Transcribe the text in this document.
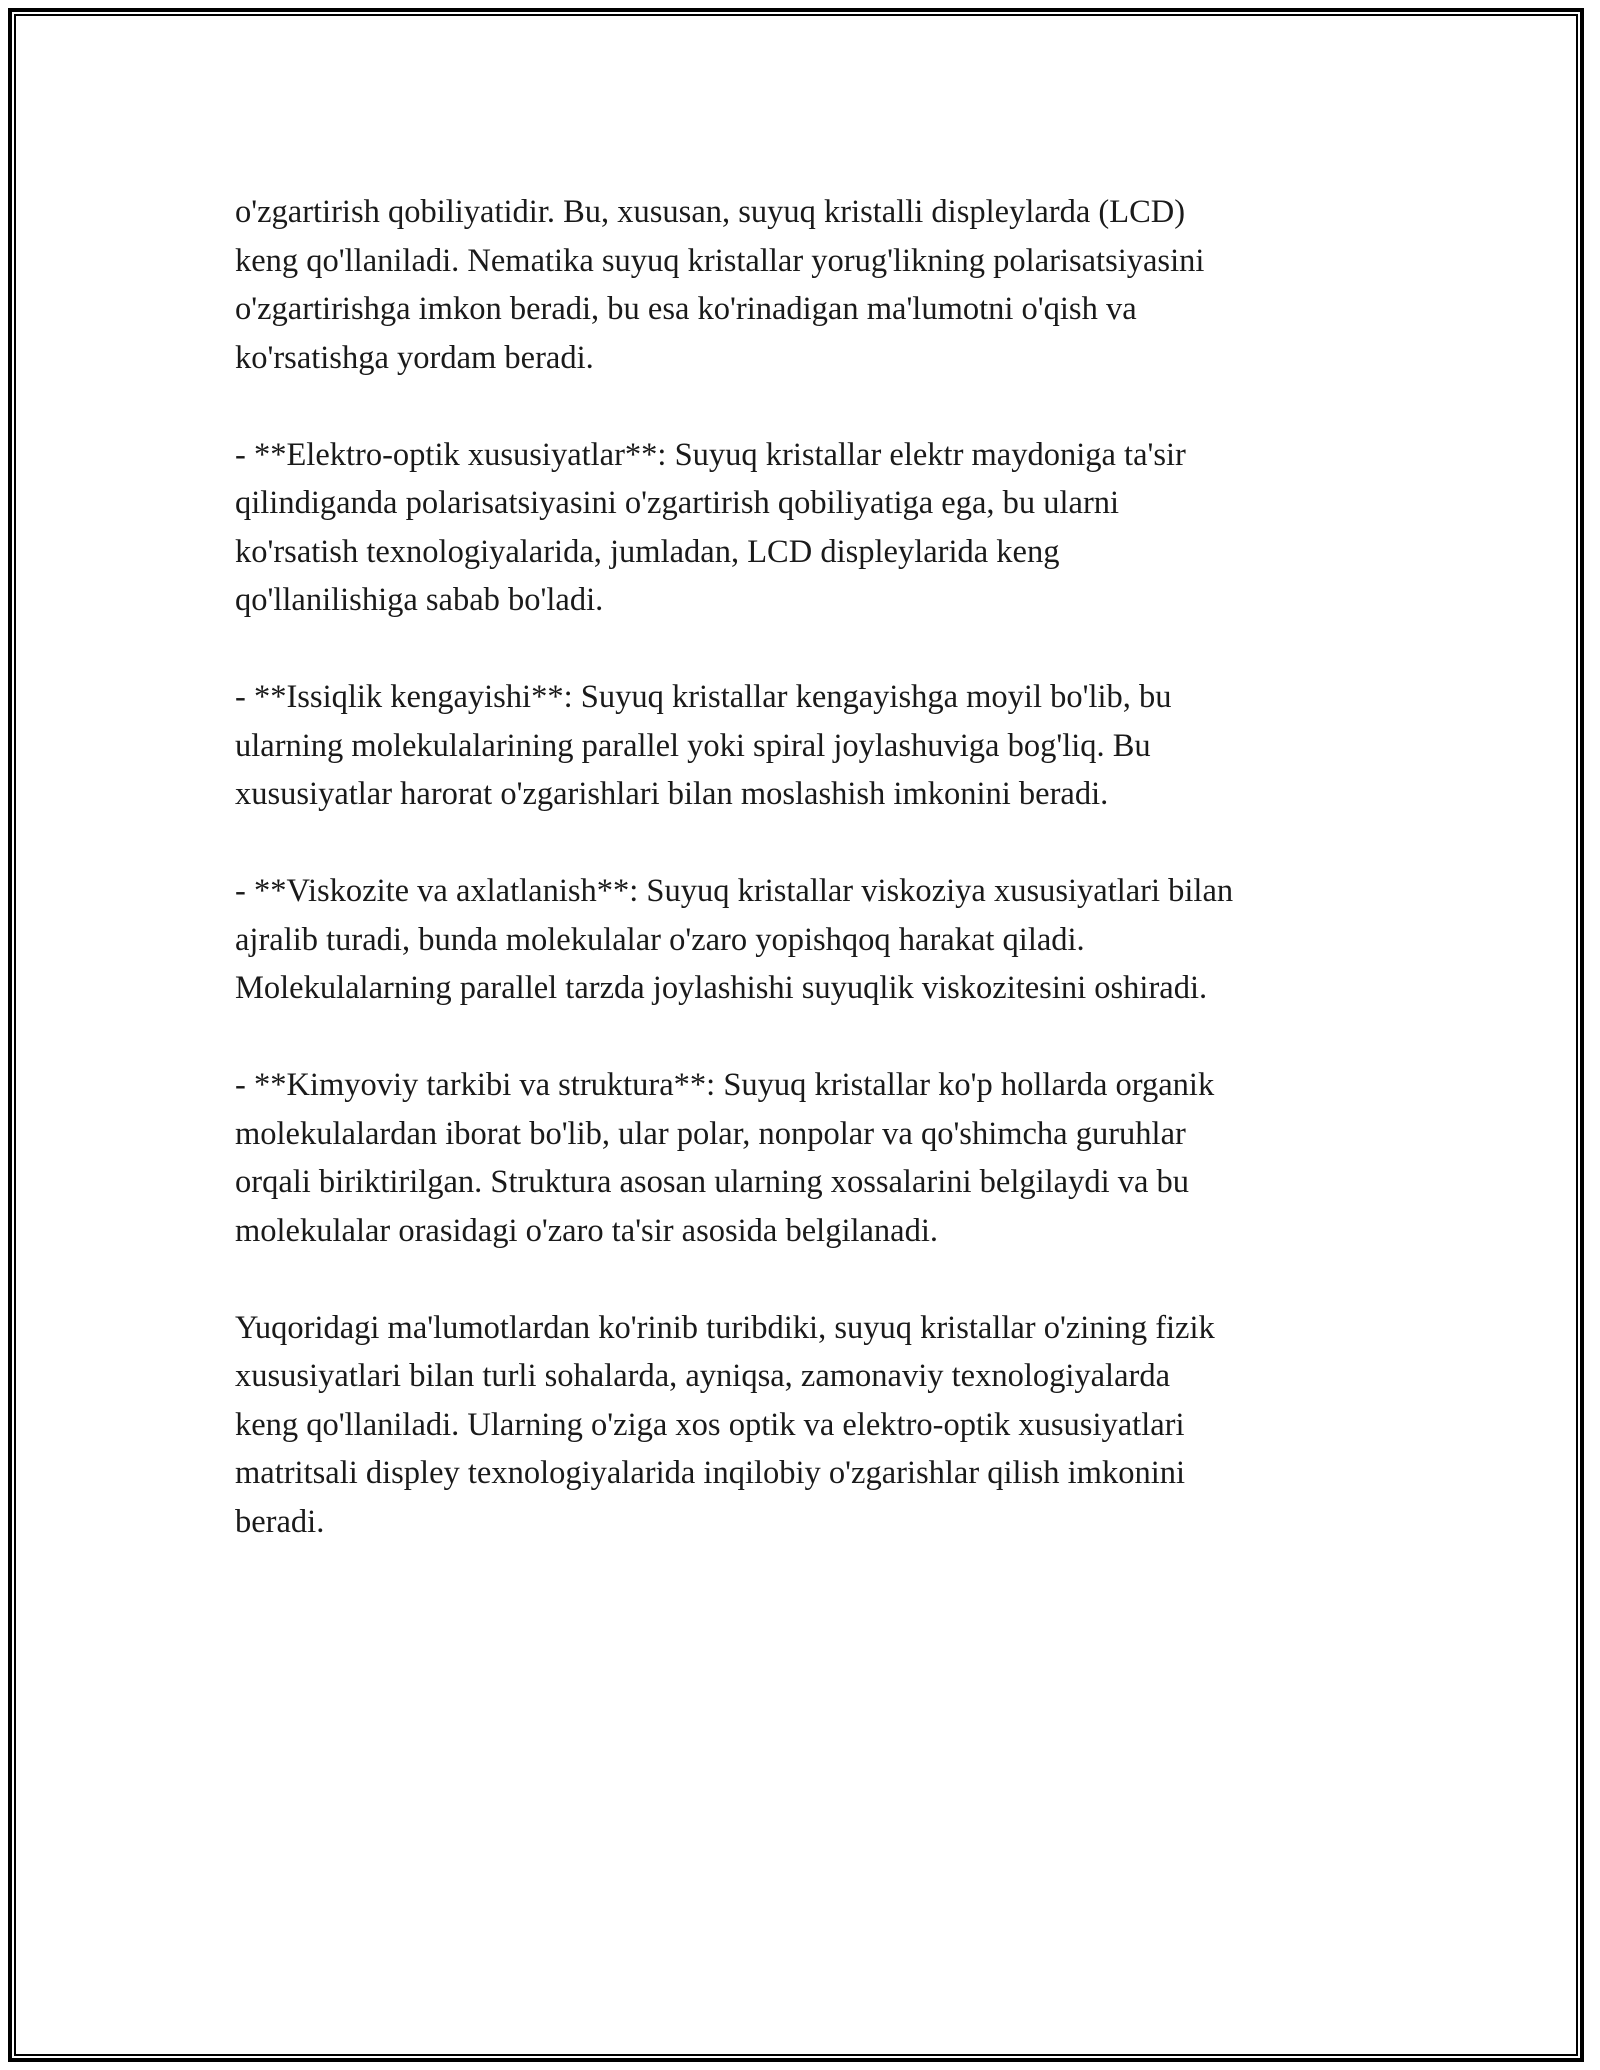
o'zgartirish qobiliyatidir. Bu, xususan, suyuq kristalli displeylarda (LCD)
keng qo'llaniladi. Nematika suyuq kristallar yorug'likning polarisatsiyasini
o'zgartirishga imkon beradi, bu esa ko'rinadigan ma'lumotni o'qish va
ko'rsatishga yordam beradi.

- **Elektro-optik xususiyatlar**: Suyuq kristallar elektr maydoniga ta'sir
qilindiganda polarisatsiyasini o'zgartirish qobiliyatiga ega, bu ularni
ko'rsatish texnologiyalarida, jumladan, LCD displeylarida keng
qo'llanilishiga sabab bo'ladi.

- **Issiqlik kengayishi**: Suyuq kristallar kengayishga moyil bo'lib, bu
ularning molekulalarining parallel yoki spiral joylashuviga bog'liq. Bu
xususiyatlar harorat o'zgarishlari bilan moslashish imkonini beradi.

- **Viskozite va axlatlanish**: Suyuq kristallar viskoziya xususiyatlari bilan
ajralib turadi, bunda molekulalar o'zaro yopishqoq harakat qiladi.
Molekulalarning parallel tarzda joylashishi suyuqlik viskozitesini oshiradi.

- **Kimyoviy tarkibi va struktura**: Suyuq kristallar ko'p hollarda organik
molekulalardan iborat bo'lib, ular polar, nonpolar va qo'shimcha guruhlar
orqali biriktirilgan. Struktura asosan ularning xossalarini belgilaydi va bu
molekulalar orasidagi o'zaro ta'sir asosida belgilanadi.

Yuqoridagi ma'lumotlardan ko'rinib turibdiki, suyuq kristallar o'zining fizik
xususiyatlari bilan turli sohalarda, ayniqsa, zamonaviy texnologiyalarda
keng qo'llaniladi. Ularning o'ziga xos optik va elektro-optik xususiyatlari
matritsali displey texnologiyalarida inqilobiy o'zgarishlar qilish imkonini
beradi.
